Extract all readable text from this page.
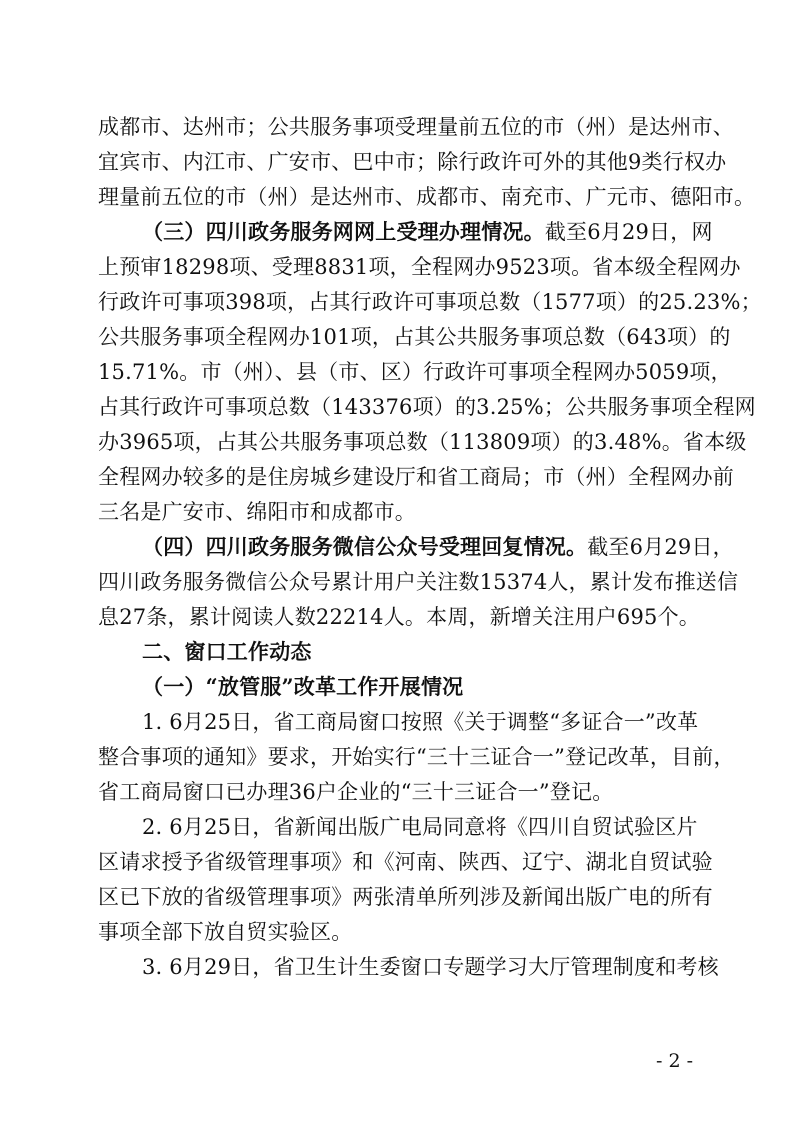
成都市、达州市；公共服务事项受理量前五位的市（州）是达州市、
宜宾市、内江市、广安市、巴中市；除行政许可外的其他9类行权办
理量前五位的市（州）是达州市、成都市、南充市、广元市、德阳市。
（三）四川政务服务网网上受理办理情况。截至6月29日，网
上预审18298项、受理8831项，全程网办9523项。省本级全程网办
行政许可事项398项，占其行政许可事项总数（1577项）的25.23%；
公共服务事项全程网办101项，占其公共服务事项总数（643项）的
15.71%。市（州）、县（市、区）行政许可事项全程网办5059项，
占其行政许可事项总数（143376项）的3.25%；公共服务事项全程网
办3965项，占其公共服务事项总数（113809项）的3.48%。省本级
全程网办较多的是住房城乡建设厅和省工商局；市（州）全程网办前
三名是广安市、绵阳市和成都市。
（四）四川政务服务微信公众号受理回复情况。截至6月29日，
四川政务服务微信公众号累计用户关注数15374人，累计发布推送信
息27条，累计阅读人数22214人。本周，新增关注用户695个。
二、窗口工作动态
（一）“放管服”改革工作开展情况
1. 6月25日，省工商局窗口按照《关于调整“多证合一”改革
整合事项的通知》要求，开始实行“三十三证合一”登记改革，目前，
省工商局窗口已办理36户企业的“三十三证合一”登记。
2. 6月25日，省新闻出版广电局同意将《四川自贸试验区片
区请求授予省级管理事项》和《河南、陕西、辽宁、湖北自贸试验
区已下放的省级管理事项》两张清单所列涉及新闻出版广电的所有
事项全部下放自贸实验区。
3. 6月29日，省卫生计生委窗口专题学习大厅管理制度和考核
- 2 -
